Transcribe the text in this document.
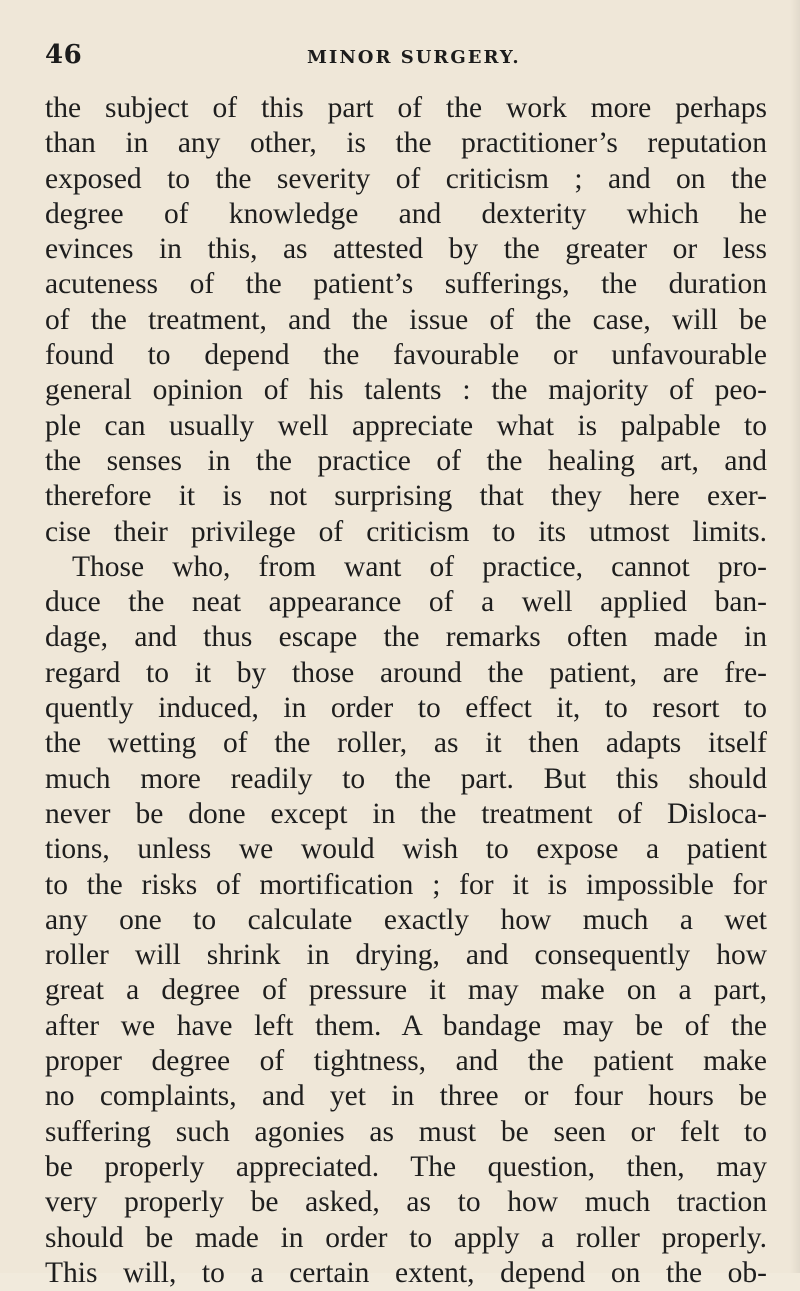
46	MINOR SURGERY.
the subject of this part of the work more perhaps
than in any other, is the practitioner’s reputation
exposed to the severity of criticism ; and on the
degree of knowledge and dexterity which he
evinces in this, as attested by the greater or less
acuteness of the patient’s sufferings, the duration
of the treatment, and the issue of the case, will be
found to depend the favourable or unfavourable
general opinion of his talents : the majority of peo-
ple can usually well appreciate what is palpable to
the senses in the practice of the healing art, and
therefore it is not surprising that they here exer-
cise their privilege of criticism to its utmost limits.
Those who, from want of practice, cannot pro-
duce the neat appearance of a well applied ban-
dage, and thus escape the remarks often made in
regard to it by those around the patient, are fre-
quently induced, in order to effect it, to resort to
the wetting of the roller, as it then adapts itself
much more readily to the part. But this should
never be done except in the treatment of Disloca-
tions, unless we would wish to expose a patient
to the risks of mortification ; for it is impossible for
any one to calculate exactly how much a wet
roller will shrink in drying, and consequently how
great a degree of pressure it may make on a part,
after we have left them. A bandage may be of the
proper degree of tightness, and the patient make
no complaints, and yet in three or four hours be
suffering such agonies as must be seen or felt to
be properly appreciated. The question, then, may
very properly be asked, as to how much traction
should be made in order to apply a roller properly.
This will, to a certain extent, depend on the ob-
